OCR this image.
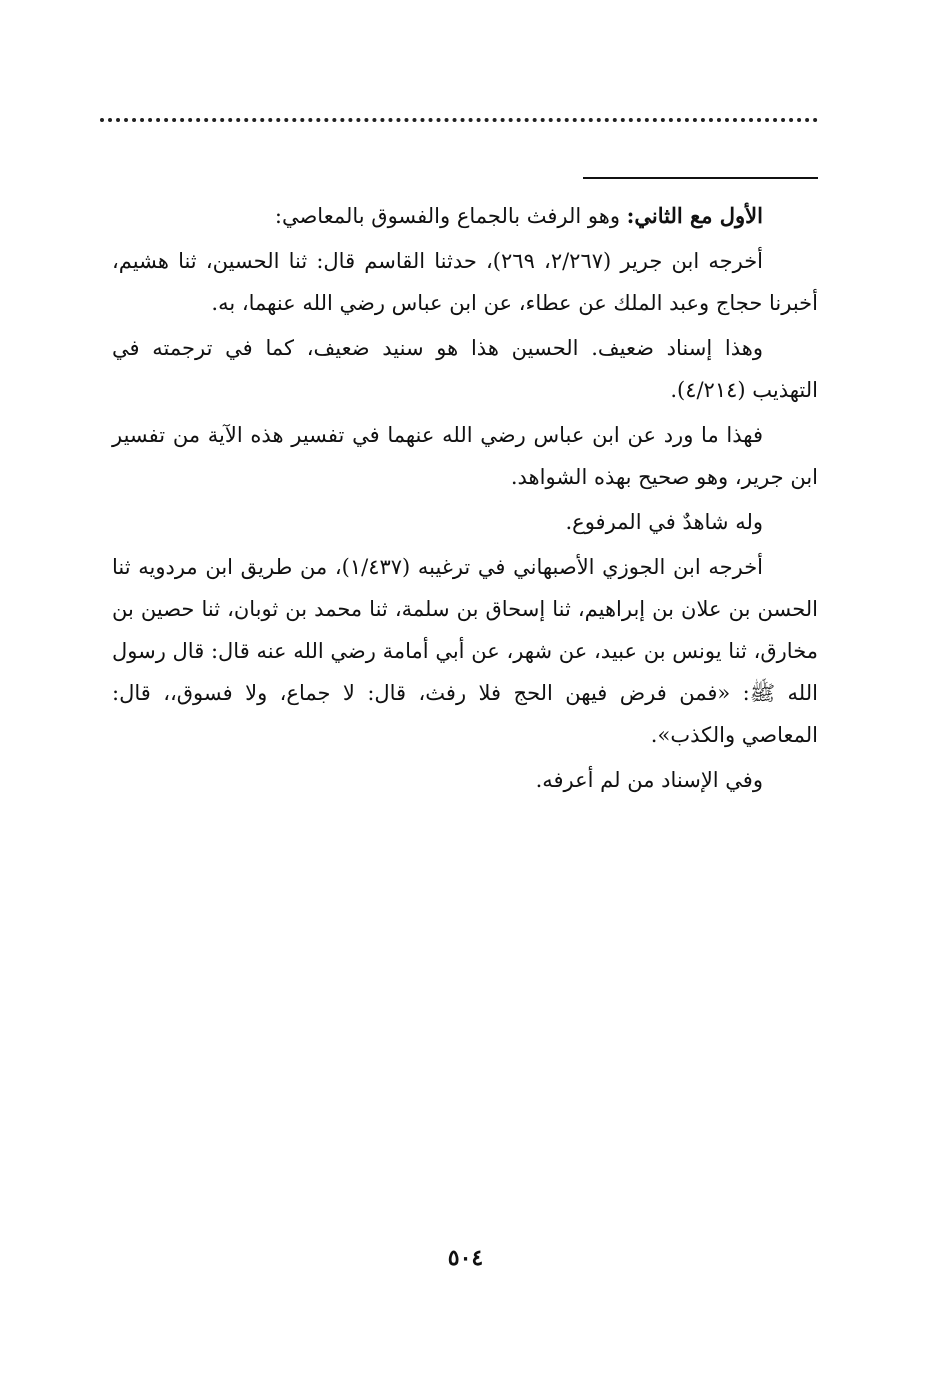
الأول مع الثاني: وهو الرفث بالجماع والفسوق بالمعاصي:

أخرجه ابن جرير (٢/٢٦٧، ٢٦٩)، حدثنا القاسم قال: ثنا الحسين، ثنا هشيم، أخبرنا حجاج وعبد الملك عن عطاء، عن ابن عباس رضي الله عنهما، به.

وهذا إسناد ضعيف. الحسين هذا هو سنيد ضعيف، كما في ترجمته في التهذيب (٤/٢١٤).

فهذا ما ورد عن ابن عباس رضي الله عنهما في تفسير هذه الآية من تفسير ابن جرير، وهو صحيح بهذه الشواهد.

وله شاهدٌ في المرفوع.

أخرجه ابن الجوزي الأصبهاني في ترغيبه (١/٤٣٧)، من طريق ابن مردويه ثنا الحسن بن علان بن إبراهيم، ثنا إسحاق بن سلمة، ثنا محمد بن ثوبان، ثنا حصين بن مخارق، ثنا يونس بن عبيد، عن شهر، عن أبي أمامة رضي الله عنه قال: قال رسول الله ﷺ: «فمن فرض فيهن الحج فلا رفث، قال: لا جماع، ولا فسوق،، قال: المعاصي والكذب».

وفي الإسناد من لم أعرفه.

٥٠٤
